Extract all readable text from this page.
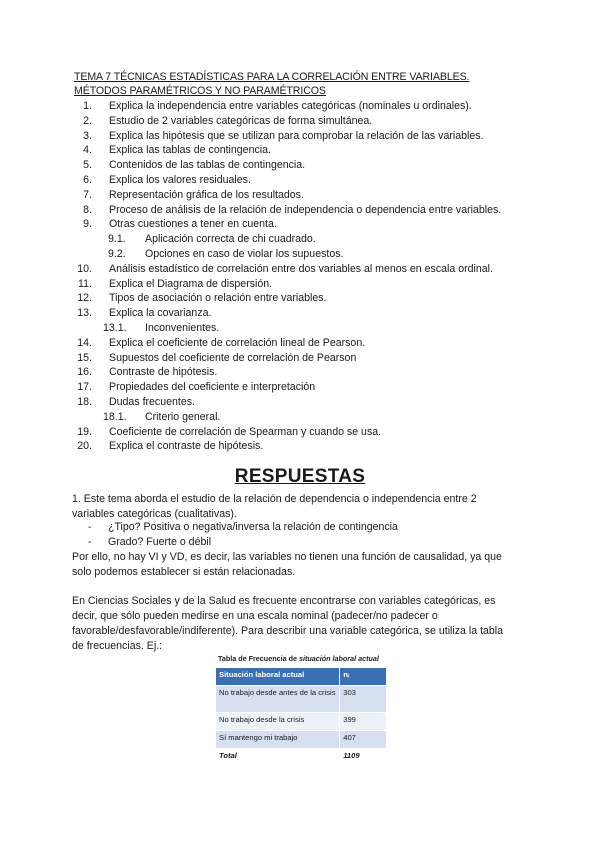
TEMA 7 TÉCNICAS ESTADÍSTICAS PARA LA CORRELACIÓN ENTRE VARIABLES.
MÉTODOS PARAMÉTRICOS Y NO PARAMÉTRICOS
1. Explica la independencia entre variables categóricas (nominales u ordinales).
2. Estudio de 2 variables categóricas de forma simultánea.
3. Explica las hipótesis que se utilizan para comprobar la relación de las variables.
4. Explica las tablas de contingencia.
5. Contenidos de las tablas de contingencia.
6. Explica los valores residuales.
7. Representación gráfica de los resultados.
8. Proceso de análisis de la relación de independencia o dependencia entre variables.
9. Otras cuestiones a tener en cuenta.
9.1. Aplicación correcta de chi cuadrado.
9.2. Opciones en caso de violar los supuestos.
10. Análisis estadístico de correlación entre dos variables al menos en escala ordinal.
11. Explica el Diagrama de dispersión.
12. Tipos de asociación o relación entre variables.
13. Explica la covarianza.
13.1. Inconvenientes.
14. Explica el coeficiente de correlación lineal de Pearson.
15. Supuestos del coeficiente de correlación de Pearson
16. Contraste de hipótesis.
17. Propiedades del coeficiente e interpretación
18. Dudas frecuentes.
18.1. Criterio general.
19. Coeficiente de correlación de Spearman y cuando se usa.
20. Explica el contraste de hipótesis.
RESPUESTAS
1. Este tema aborda el estudio de la relación de dependencia o independencia entre 2
variables categóricas (cualitativas).
- ¿Tipo? Positiva o negativa/inversa la relación de contingencia
- Grado? Fuerte o débil
Por ello, no hay VI y VD, es decir, las variables no tienen una función de causalidad, ya que
solo podemos establecer si están relacionadas.
En Ciencias Sociales y de la Salud es frecuente encontrarse con variables categóricas, es
decir, que sólo pueden medirse en una escala nominal (padecer/no padecer o
favorable/desfavorable/indiferente). Para describir una variable categórica, se utiliza la tabla
de frecuencias. Ej.:
Tabla de Frecuencia de situación laboral actual
Situación laboral actual	nᵢ
No trabajo desde antes de la crisis	303
No trabajo desde la crisis	399
Sí mantengo mi trabajo	407
Total	1109
